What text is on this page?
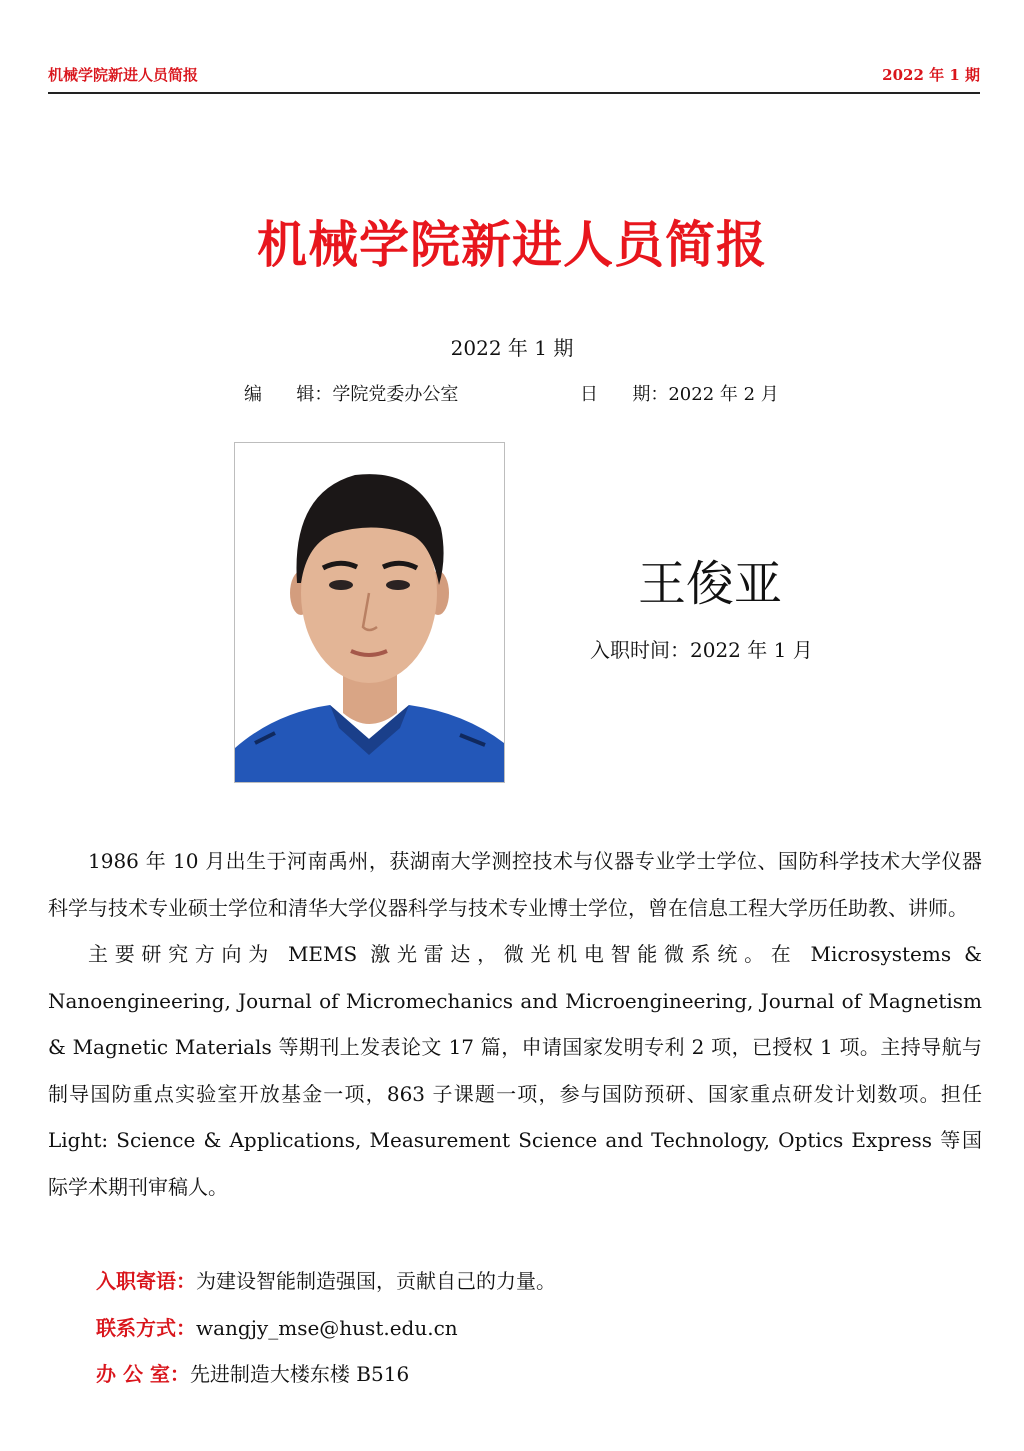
机械学院新进人员简报	2022 年 1 期
机械学院新进人员简报
2022 年 1 期
编      辑：学院党委办公室	日      期：2022 年 2 月
王俊亚
入职时间：2022 年 1 月

1986 年 10 月出生于河南禹州，获湖南大学测控技术与仪器专业学士学位、国防科学技术大学仪器科学与技术专业硕士学位和清华大学仪器科学与技术专业博士学位，曾在信息工程大学历任助教、讲师。

主要研究方向为 MEMS 激光雷达，微光机电智能微系统。在 Microsystems & Nanoengineering, Journal of Micromechanics and Microengineering, Journal of Magnetism & Magnetic Materials 等期刊上发表论文 17 篇，申请国家发明专利 2 项，已授权 1 项。主持导航与制导国防重点实验室开放基金一项，863 子课题一项，参与国防预研、国家重点研发计划数项。担任 Light: Science & Applications, Measurement Science and Technology, Optics Express 等国际学术期刊审稿人。

入职寄语：为建设智能制造强国，贡献自己的力量。
联系方式：wangjy_mse@hust.edu.cn
办 公 室：先进制造大楼东楼 B516
